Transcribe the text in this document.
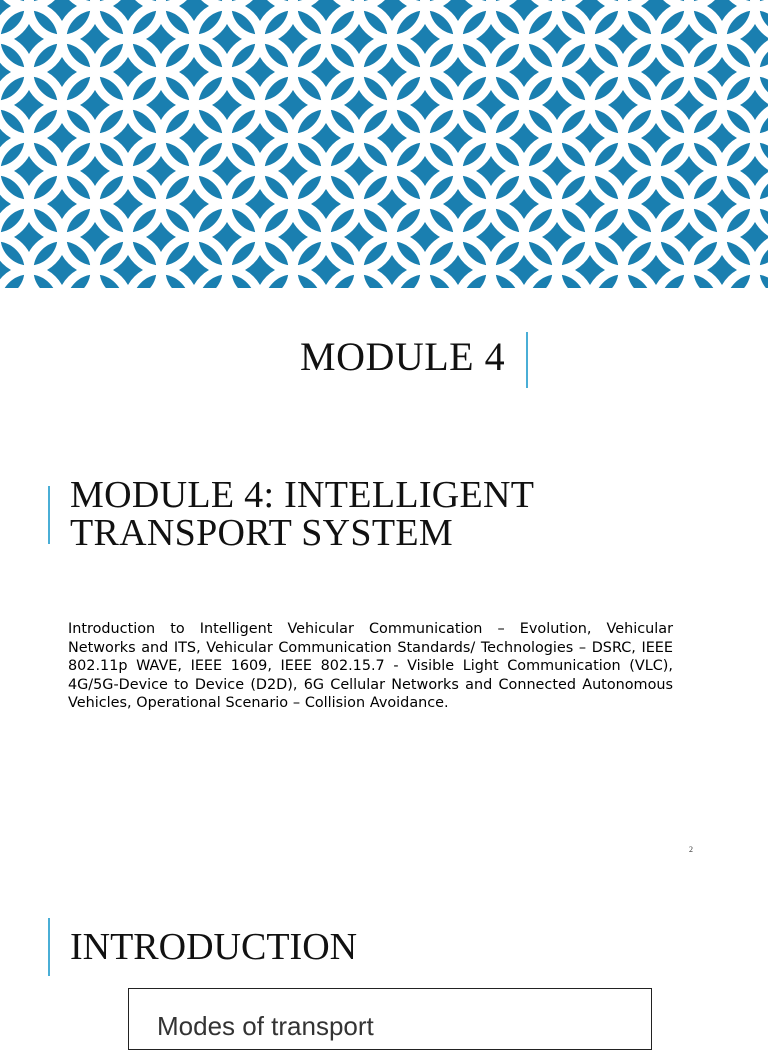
MODULE 4
MODULE 4: INTELLIGENT
TRANSPORT SYSTEM
Introduction to Intelligent Vehicular Communication – Evolution, Vehicular Networks and ITS, Vehicular Communication Standards/ Technologies – DSRC, IEEE 802.11p WAVE, IEEE 1609, IEEE 802.15.7 - Visible Light Communication (VLC), 4G/5G-Device to Device (D2D), 6G Cellular Networks and Connected Autonomous Vehicles, Operational Scenario – Collision Avoidance.
2
INTRODUCTION
Modes of transport
